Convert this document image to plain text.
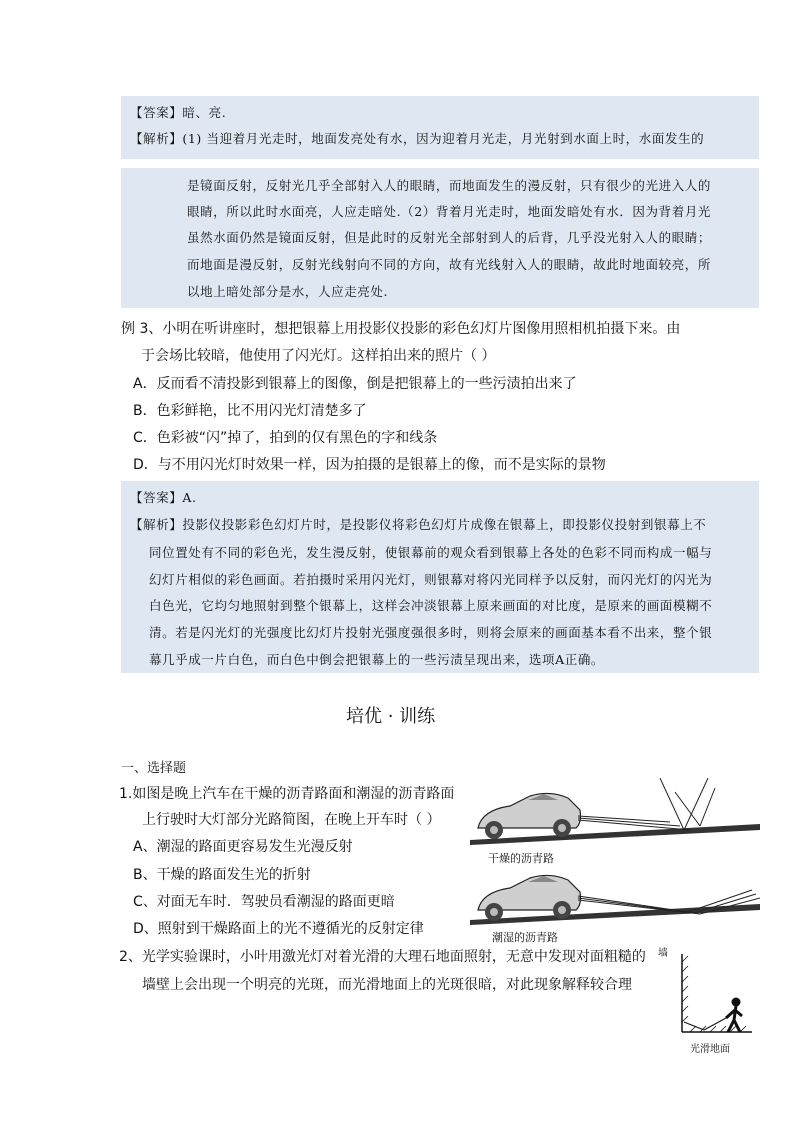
【答案】暗、亮.
【解析】(1) 当迎着月光走时，地面发亮处有水，因为迎着月光走，月光射到水面上时，水面发生的
是镜面反射，反射光几乎全部射入人的眼睛，而地面发生的漫反射，只有很少的光进入人的
眼睛，所以此时水面亮，人应走暗处.（2）背着月光走时，地面发暗处有水．因为背着月光
虽然水面仍然是镜面反射，但是此时的反射光全部射到人的后背，几乎没光射入人的眼睛；
而地面是漫反射，反射光线射向不同的方向，故有光线射入人的眼睛，故此时地面较亮，所
以地上暗处部分是水，人应走亮处.
例 3、小明在听讲座时，想把银幕上用投影仪投影的彩色幻灯片图像用照相机拍摄下来。由
于会场比较暗，他使用了闪光灯。这样拍出来的照片（ ）
A．反而看不清投影到银幕上的图像，倒是把银幕上的一些污渍拍出来了
B．色彩鲜艳，比不用闪光灯清楚多了
C．色彩被“闪”掉了，拍到的仅有黑色的字和线条
D．与不用闪光灯时效果一样，因为拍摄的是银幕上的像，而不是实际的景物
【答案】A.
【解析】投影仪投影彩色幻灯片时，是投影仪将彩色幻灯片成像在银幕上，即投影仪投射到银幕上不
同位置处有不同的彩色光，发生漫反射，使银幕前的观众看到银幕上各处的色彩不同而构成一幅与
幻灯片相似的彩色画面。若拍摄时采用闪光灯，则银幕对将闪光同样予以反射，而闪光灯的闪光为
白色光，它均匀地照射到整个银幕上，这样会冲淡银幕上原来画面的对比度，是原来的画面模糊不
清。若是闪光灯的光强度比幻灯片投射光强度强很多时，则将会原来的画面基本看不出来，整个银
幕几乎成一片白色，而白色中倒会把银幕上的一些污渍呈现出来，选项A正确。
培优 · 训练
一、选择题
1.如图是晚上汽车在干燥的沥青路面和潮湿的沥青路面
上行驶时大灯部分光路简图，在晚上开车时（ ）
A、潮湿的路面更容易发生光漫反射
B、干燥的路面发生光的折射
C、对面无车时．驾驶员看潮湿的路面更暗
D、照射到干燥路面上的光不遵循光的反射定律
干燥的沥青路
潮湿的沥青路
2、光学实验课时，小叶用激光灯对着光滑的大理石地面照射，无意中发现对面粗糙的
墙壁上会出现一个明亮的光斑，而光滑地面上的光斑很暗，对此现象解释较合理
墙
光滑地面
